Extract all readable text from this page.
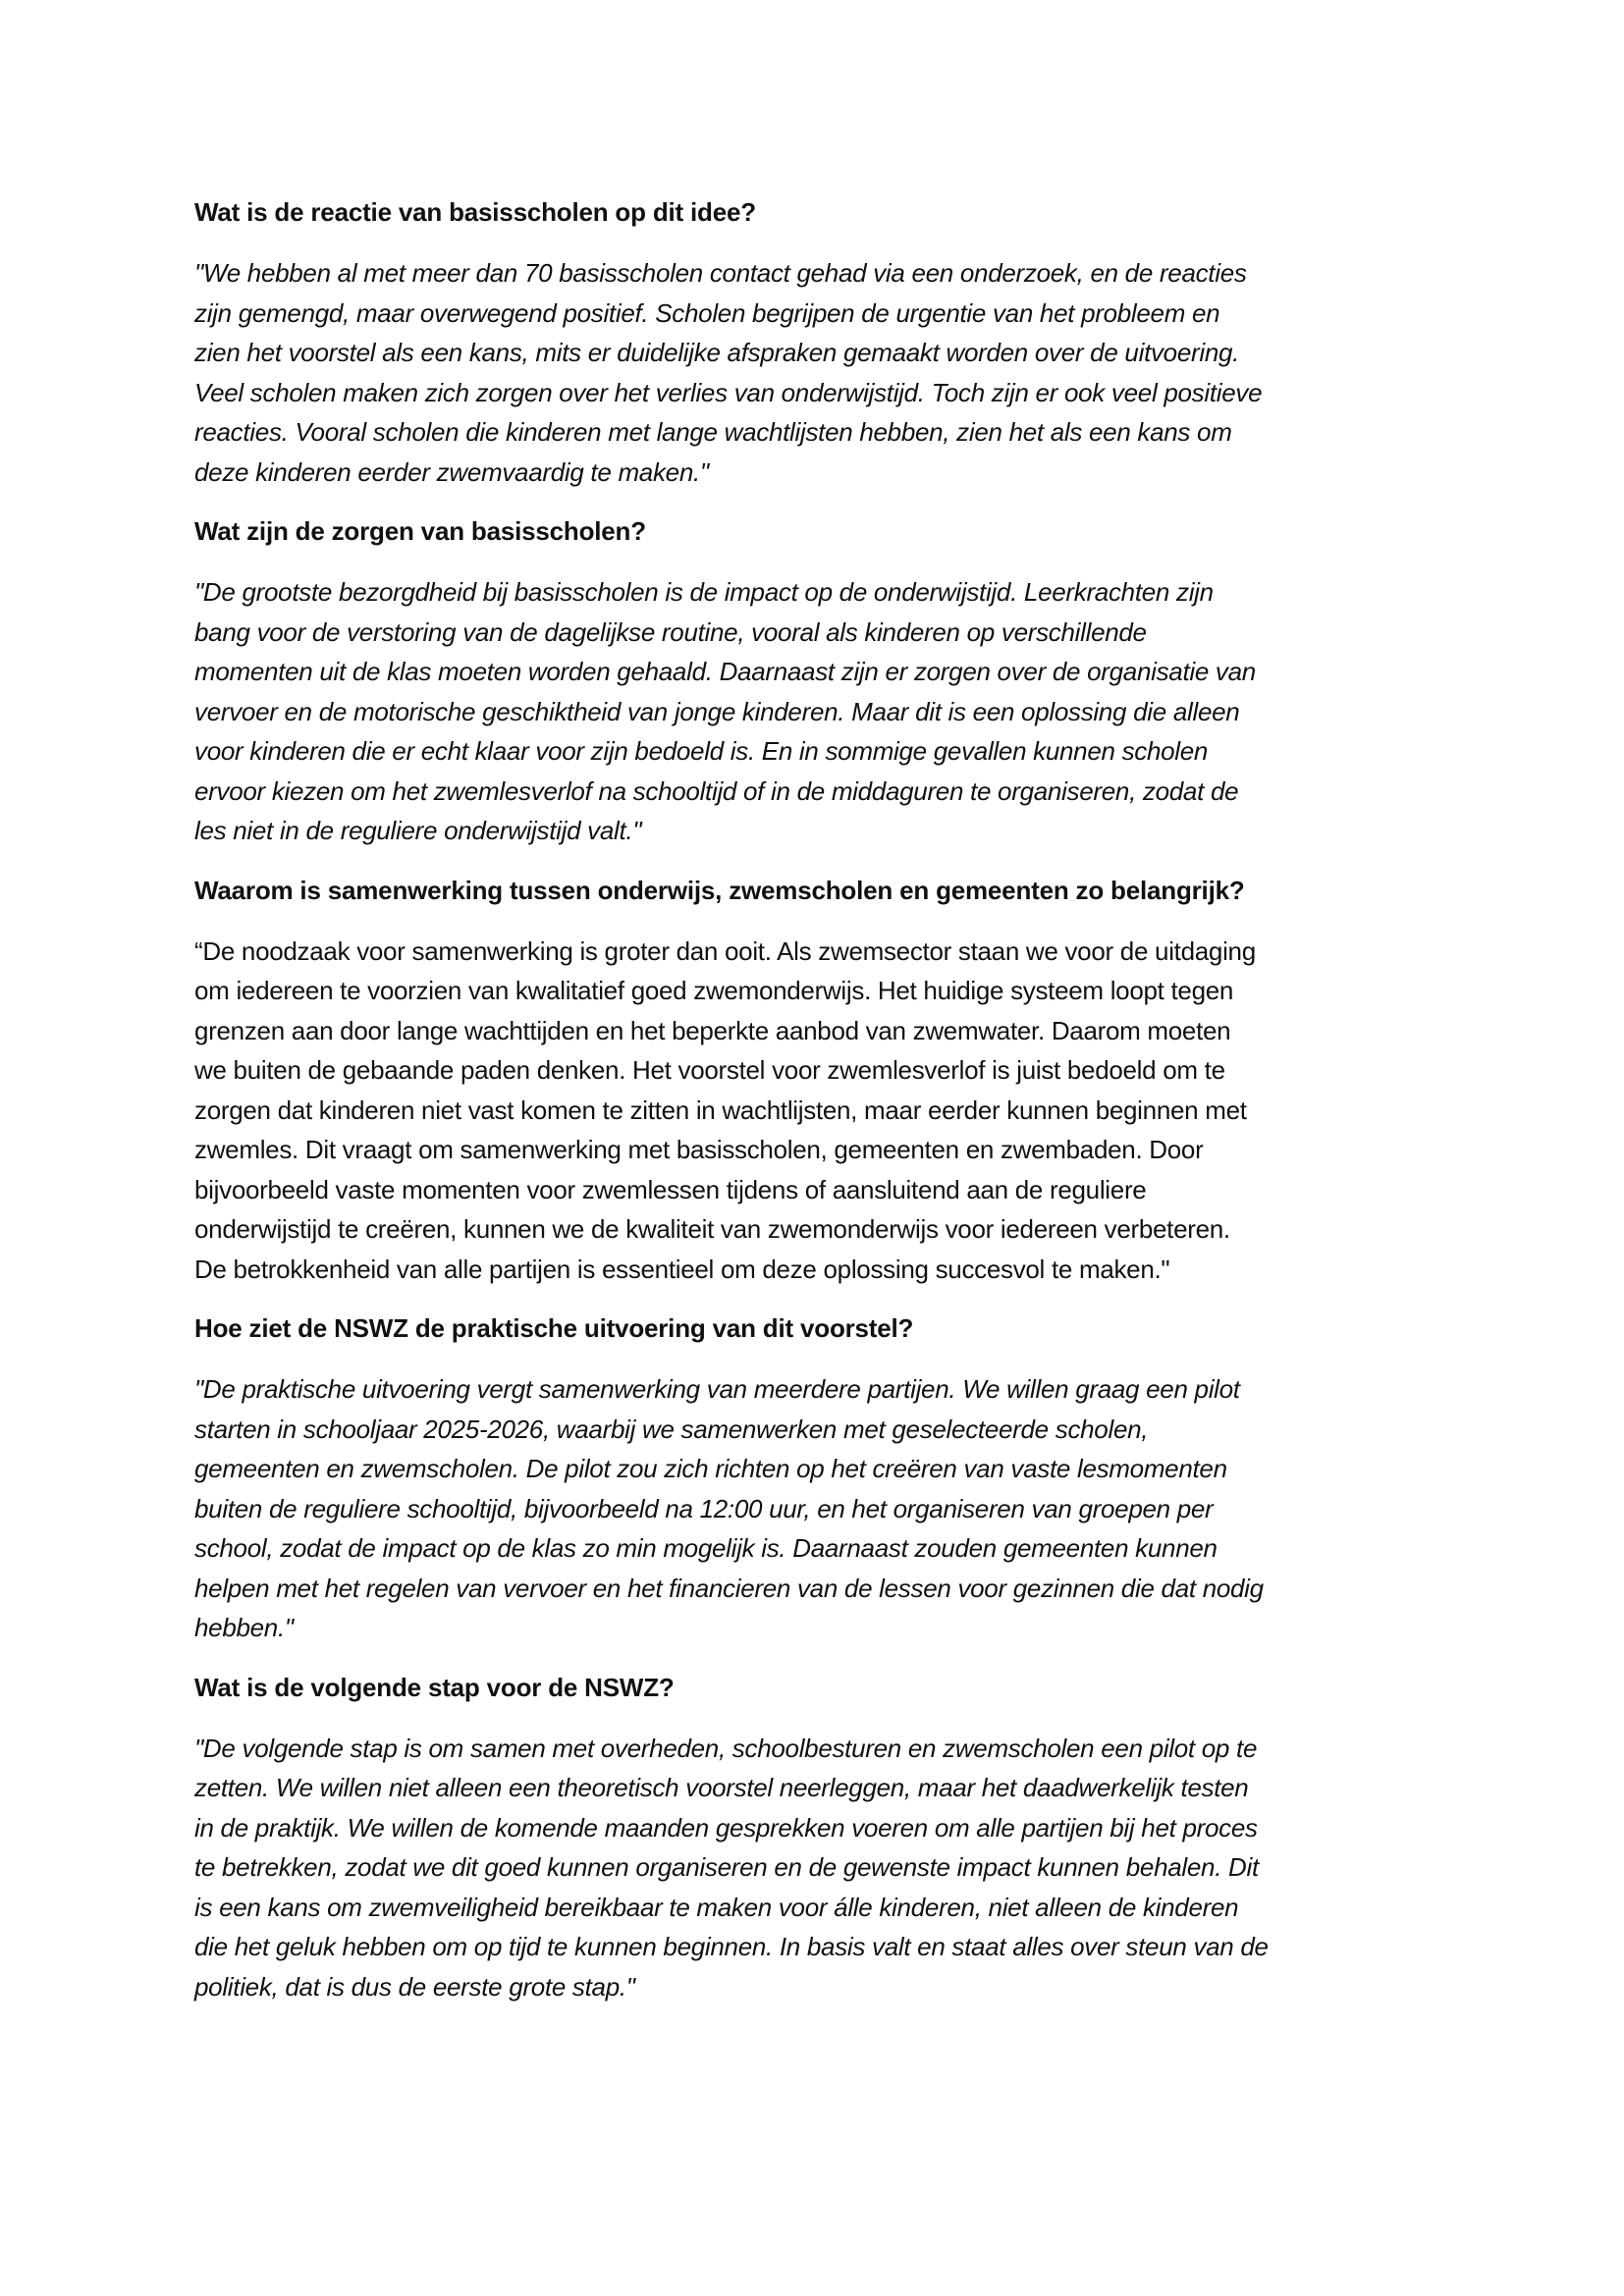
Wat is de reactie van basisscholen op dit idee?

"We hebben al met meer dan 70 basisscholen contact gehad via een onderzoek, en de reacties
zijn gemengd, maar overwegend positief. Scholen begrijpen de urgentie van het probleem en
zien het voorstel als een kans, mits er duidelijke afspraken gemaakt worden over de uitvoering.
Veel scholen maken zich zorgen over het verlies van onderwijstijd. Toch zijn er ook veel positieve
reacties. Vooral scholen die kinderen met lange wachtlijsten hebben, zien het als een kans om
deze kinderen eerder zwemvaardig te maken."

Wat zijn de zorgen van basisscholen?

"De grootste bezorgdheid bij basisscholen is de impact op de onderwijstijd. Leerkrachten zijn
bang voor de verstoring van de dagelijkse routine, vooral als kinderen op verschillende
momenten uit de klas moeten worden gehaald. Daarnaast zijn er zorgen over de organisatie van
vervoer en de motorische geschiktheid van jonge kinderen. Maar dit is een oplossing die alleen
voor kinderen die er echt klaar voor zijn bedoeld is. En in sommige gevallen kunnen scholen
ervoor kiezen om het zwemlesverlof na schooltijd of in de middaguren te organiseren, zodat de
les niet in de reguliere onderwijstijd valt."

Waarom is samenwerking tussen onderwijs, zwemscholen en gemeenten zo belangrijk?

“De noodzaak voor samenwerking is groter dan ooit. Als zwemsector staan we voor de uitdaging
om iedereen te voorzien van kwalitatief goed zwemonderwijs. Het huidige systeem loopt tegen
grenzen aan door lange wachttijden en het beperkte aanbod van zwemwater. Daarom moeten
we buiten de gebaande paden denken. Het voorstel voor zwemlesverlof is juist bedoeld om te
zorgen dat kinderen niet vast komen te zitten in wachtlijsten, maar eerder kunnen beginnen met
zwemles. Dit vraagt om samenwerking met basisscholen, gemeenten en zwembaden. Door
bijvoorbeeld vaste momenten voor zwemlessen tijdens of aansluitend aan de reguliere
onderwijstijd te creëren, kunnen we de kwaliteit van zwemonderwijs voor iedereen verbeteren.
De betrokkenheid van alle partijen is essentieel om deze oplossing succesvol te maken."

Hoe ziet de NSWZ de praktische uitvoering van dit voorstel?

"De praktische uitvoering vergt samenwerking van meerdere partijen. We willen graag een pilot
starten in schooljaar 2025-2026, waarbij we samenwerken met geselecteerde scholen,
gemeenten en zwemscholen. De pilot zou zich richten op het creëren van vaste lesmomenten
buiten de reguliere schooltijd, bijvoorbeeld na 12:00 uur, en het organiseren van groepen per
school, zodat de impact op de klas zo min mogelijk is. Daarnaast zouden gemeenten kunnen
helpen met het regelen van vervoer en het financieren van de lessen voor gezinnen die dat nodig
hebben."

Wat is de volgende stap voor de NSWZ?

"De volgende stap is om samen met overheden, schoolbesturen en zwemscholen een pilot op te
zetten. We willen niet alleen een theoretisch voorstel neerleggen, maar het daadwerkelijk testen
in de praktijk. We willen de komende maanden gesprekken voeren om alle partijen bij het proces
te betrekken, zodat we dit goed kunnen organiseren en de gewenste impact kunnen behalen. Dit
is een kans om zwemveiligheid bereikbaar te maken voor álle kinderen, niet alleen de kinderen
die het geluk hebben om op tijd te kunnen beginnen. In basis valt en staat alles over steun van de
politiek, dat is dus de eerste grote stap."
